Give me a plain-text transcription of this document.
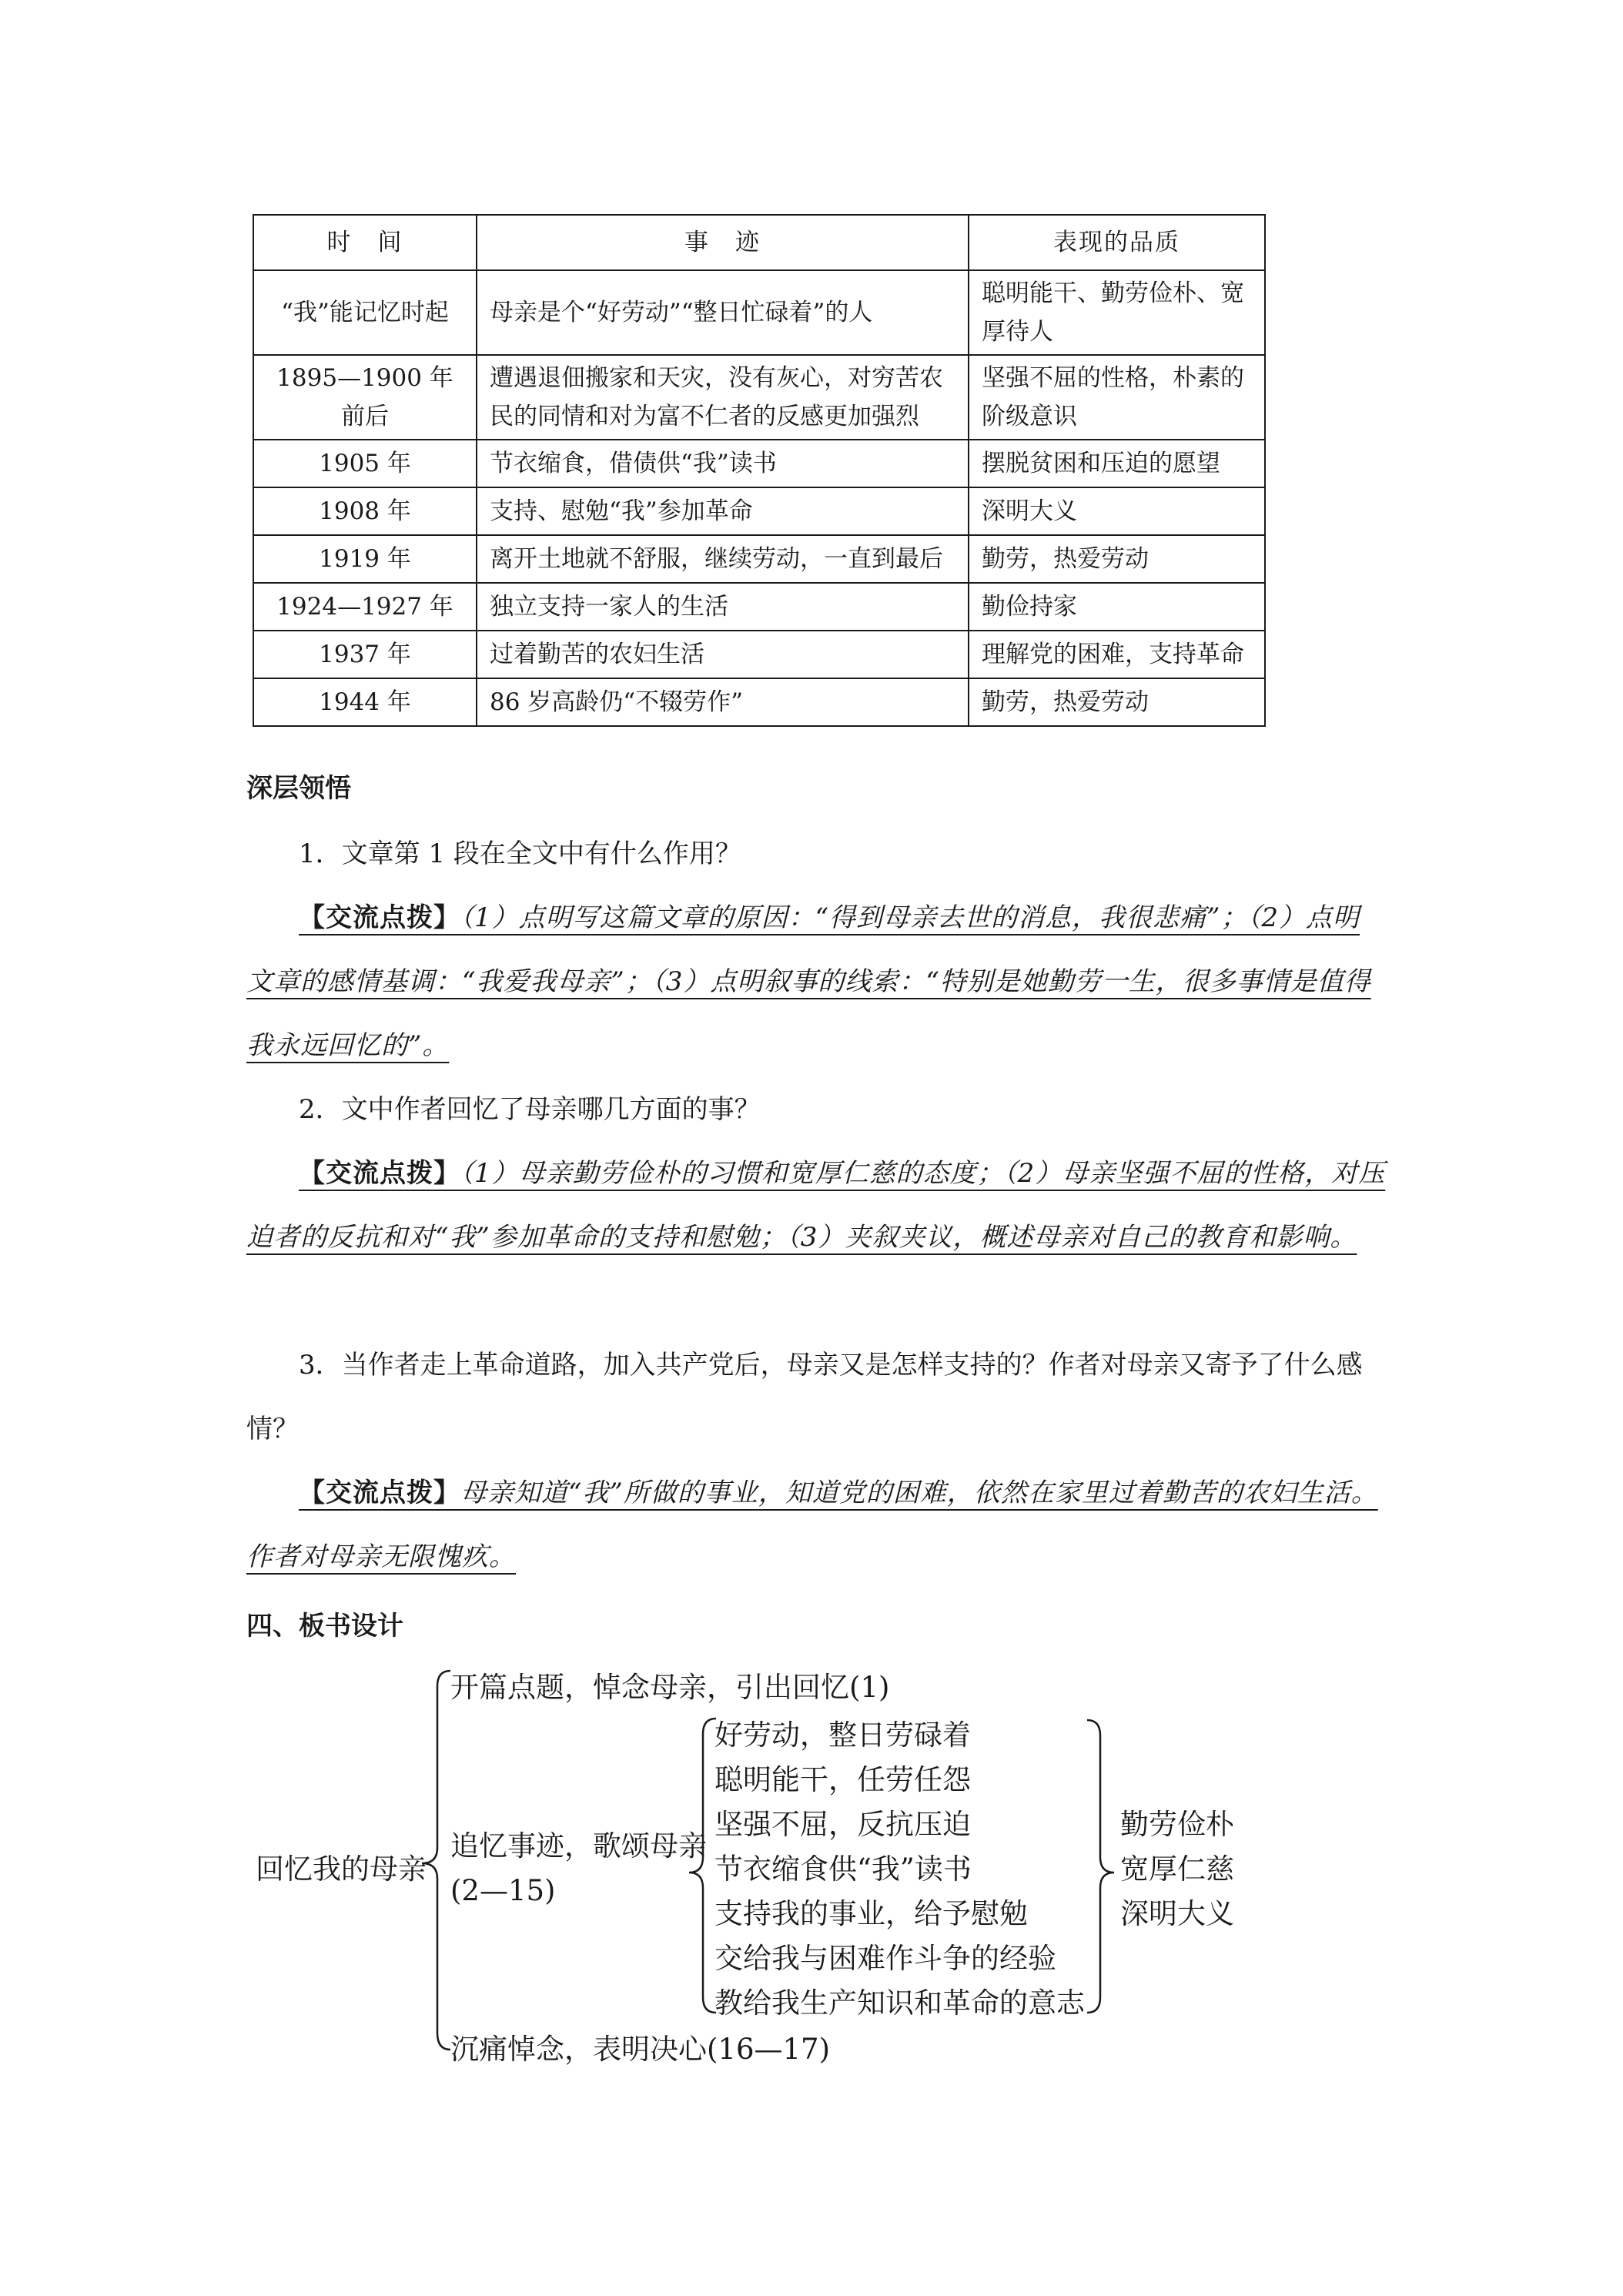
时　间	事　迹	表现的品质
“我”能记忆时起	母亲是个“好劳动”“整日忙碌着”的人	聪明能干、勤劳俭朴、宽厚待人
1895—1900 年前后	遭遇退佃搬家和天灾，没有灰心，对穷苦农民的同情和对为富不仁者的反感更加强烈	坚强不屈的性格，朴素的阶级意识
1905 年	节衣缩食，借债供“我”读书	摆脱贫困和压迫的愿望
1908 年	支持、慰勉“我”参加革命	深明大义
1919 年	离开土地就不舒服，继续劳动，一直到最后	勤劳，热爱劳动
1924—1927 年	独立支持一家人的生活	勤俭持家
1937 年	过着勤苦的农妇生活	理解党的困难，支持革命
1944 年	86 岁高龄仍“不辍劳作”	勤劳，热爱劳动
深层领悟

1．文章第 1 段在全文中有什么作用？

【交流点拨】（1）点明写这篇文章的原因：“得到母亲去世的消息，我很悲痛”；（2）点明文章的感情基调：“我爱我母亲”；（3）点明叙事的线索：“特别是她勤劳一生，很多事情是值得我永远回忆的”。

2．文中作者回忆了母亲哪几方面的事？

【交流点拨】（1）母亲勤劳俭朴的习惯和宽厚仁慈的态度；（2）母亲坚强不屈的性格，对压迫者的反抗和对“我”参加革命的支持和慰勉；（3）夹叙夹议，概述母亲对自己的教育和影响。

3．当作者走上革命道路，加入共产党后，母亲又是怎样支持的？作者对母亲又寄予了什么感情？

【交流点拨】母亲知道“我”所做的事业，知道党的困难，依然在家里过着勤苦的农妇生活。作者对母亲无限愧疚。

四、板书设计
回忆我的母亲
开篇点题，悼念母亲，引出回忆(1)
追忆事迹，歌颂母亲
(2—15)
沉痛悼念，表明决心(16—17)
好劳动，整日劳碌着
聪明能干，任劳任怨
坚强不屈，反抗压迫
节衣缩食供“我”读书
支持我的事业，给予慰勉
交给我与困难作斗争的经验
教给我生产知识和革命的意志
勤劳俭朴
宽厚仁慈
深明大义
